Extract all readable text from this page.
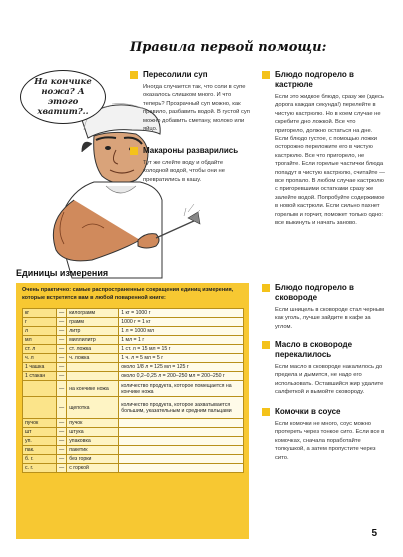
Правила первой помощи:
На кончике ножа? А этого хватит?..
Пересолили суп
Иногда случается так, что соли в супе оказалось слишком много. И что теперь? Прозрачный суп можно, как правило, разбавить водой. В густой суп можно добавить сметану, молоко или яйцо.
Макароны разварились
Тут же слейте воду и обдайте холодной водой, чтобы они не превратились в кашу.
Блюдо подгорело в кастрюле
Если это жидкое блюдо, сразу же (здесь дорога каждая секунда!) перелейте в чистую кастрюлю. Но в коем случае не скребите дно ложкой. Все что пригорело, должно остаться на дне. Если блюдо густое, с помощью ложки осторожно переложите его в чистую кастрюлю. Все что пригорело, не трогайте. Если горелые частички блюда попадут в чистую кастрюлю, считайте — все пропало. В любом случае кастрюлю с пригоревшими остатками сразу же залейте водой. Попробуйте содержимое в новой кастрюли. Если сильно пахнет горелым и горчит, поможет только одно: все выкинуть и начать заново.
Блюдо подгорело в сковороде
Если шницель в сковороде стал черным как уголь, лучше зайдите в кафе за углом.
Масло в сковороде перекалилось
Если масло в сковороде накалилось до предела и дымится, не надо его использовать. Оставшийся жир удалите салфеткой и вымойте сковороду.
Комочки в соусе
Если комочки не много, соус можно протереть через тонкое сито. Если все в комочках, сначала поработайте толкушкой, а затем пропустите через сито.
Единицы измерения
Очень практично: самые распространенные сокращения единиц измерения, которые встретятся вам в любой поваренной книге:
кг	—	килограмм	1 кг = 1000 г
г	—	грамм	1000 г = 1 кг
л	—	литр	1 л = 1000 мл
мл	—	миллилитр	1 мл = 1 г
ст. л	—	ст. ложка	1 ст. л = 15 мл = 15 г
ч. л	—	ч. ложка	1 ч. л = 5 мл = 5 г
1 чашка	—		около 1/8 л = 125 мл = 125 г
1 стакан	—		около 0,2–0,25 л = 200–250 мл = 200–250 г
	—	на кончике ножа	количество продукта, которое помещается на кончике ножа
	—	щепотка	количество продукта, которое захватывается большим, указательным и средним пальцами
пучок	—	пучок	
шт	—	штука	
уп.	—	упаковка	
пак.	—	пакетик	
б. г.	—	без горки	
с. г.	—	с горкой	
5
